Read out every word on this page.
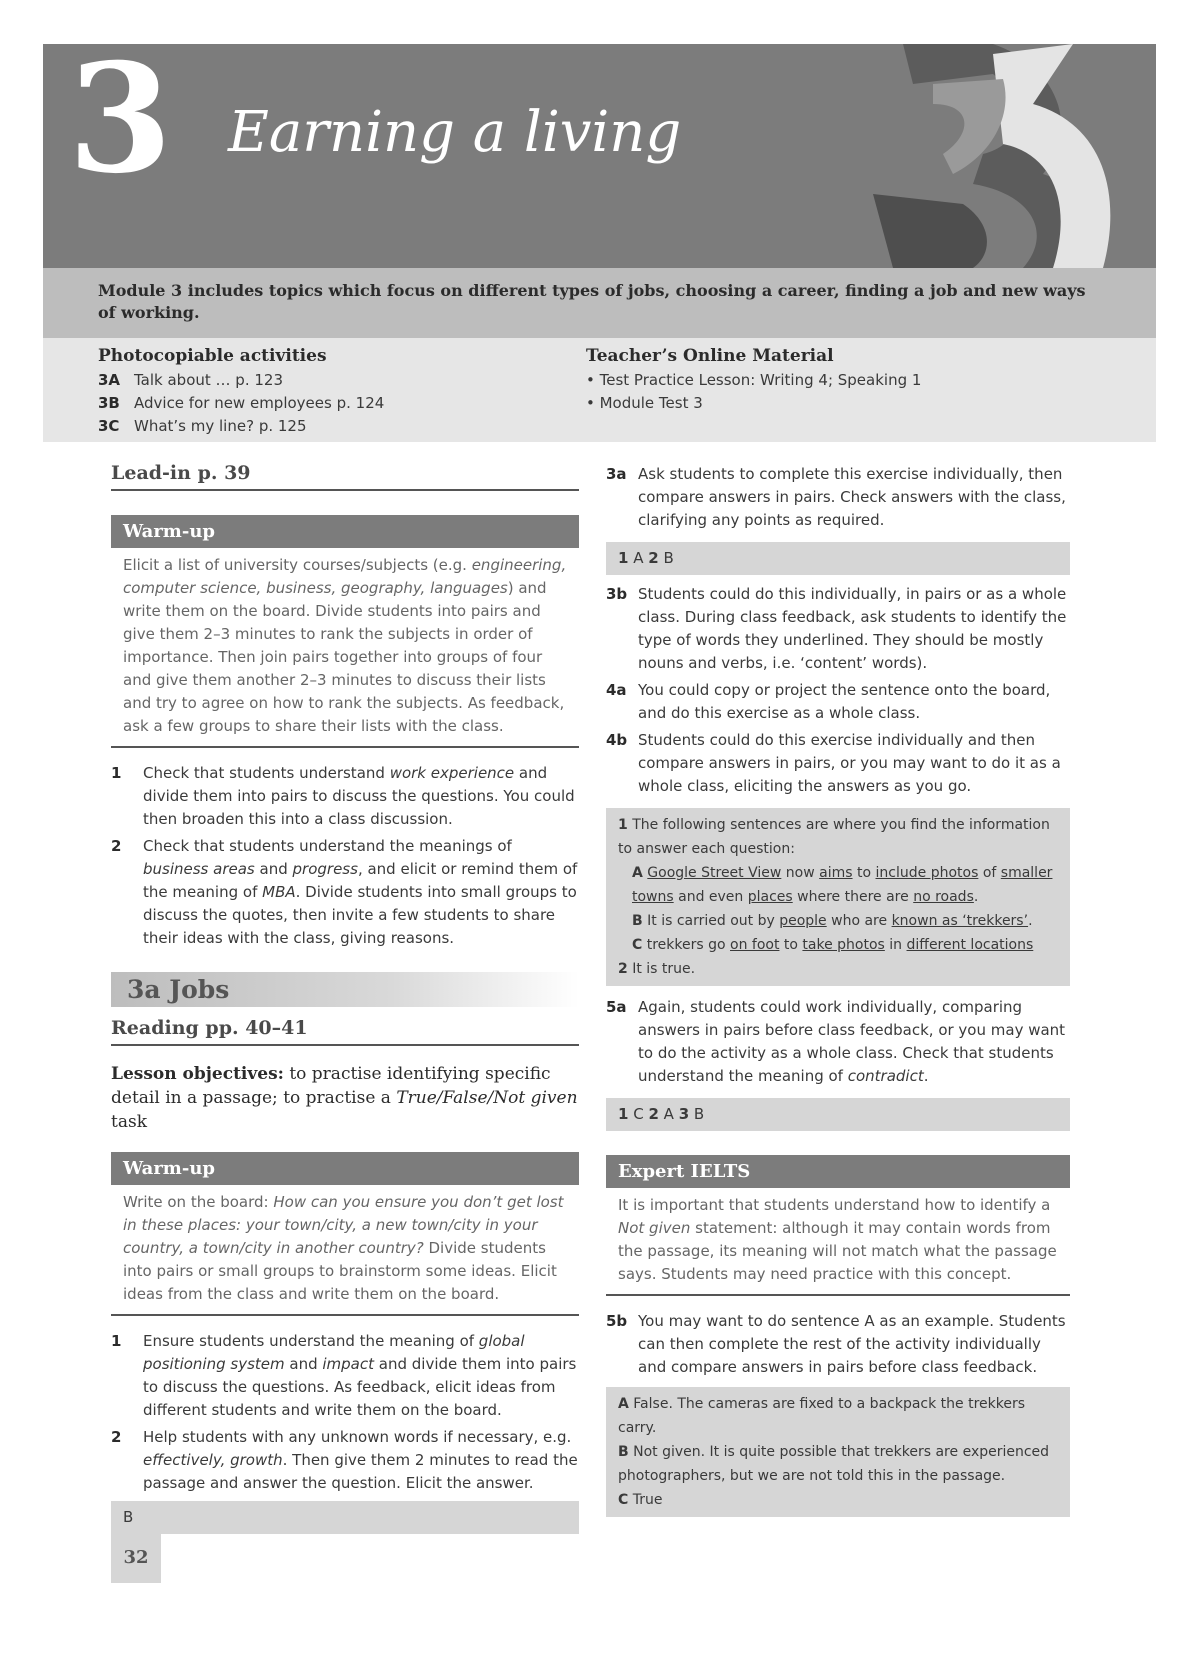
3 Earning a living

Module 3 includes topics which focus on different types of jobs, choosing a career, finding a job and new ways of working.

Photocopiable activities
3A Talk about … p. 123
3B Advice for new employees p. 124
3C What’s my line? p. 125
Teacher’s Online Material
• Test Practice Lesson: Writing 4; Speaking 1
• Module Test 3
Lead-in p. 39
Warm-up
Elicit a list of university courses/subjects (e.g. engineering, computer science, business, geography, languages) and write them on the board. Divide students into pairs and give them 2–3 minutes to rank the subjects in order of importance. Then join pairs together into groups of four and give them another 2–3 minutes to discuss their lists and try to agree on how to rank the subjects. As feedback, ask a few groups to share their lists with the class.
1	Check that students understand work experience and divide them into pairs to discuss the questions. You could then broaden this into a class discussion.
2	Check that students understand the meanings of business areas and progress, and elicit or remind them of the meaning of MBA. Divide students into small groups to discuss the quotes, then invite a few students to share their ideas with the class, giving reasons.
3a Jobs
Reading pp. 40–41
Lesson objectives: to practise identifying specific detail in a passage; to practise a True/False/Not given task
Warm-up
Write on the board: How can you ensure you don’t get lost in these places: your town/city, a new town/city in your country, a town/city in another country? Divide students into pairs or small groups to brainstorm some ideas. Elicit ideas from the class and write them on the board.
1	Ensure students understand the meaning of global positioning system and impact and divide them into pairs to discuss the questions. As feedback, elicit ideas from different students and write them on the board.
2	Help students with any unknown words if necessary, e.g. effectively, growth. Then give them 2 minutes to read the passage and answer the question. Elicit the answer.
B
3a Ask students to complete this exercise individually, then compare answers in pairs. Check answers with the class, clarifying any points as required.
1 A 2 B
3b Students could do this individually, in pairs or as a whole class. During class feedback, ask students to identify the type of words they underlined. They should be mostly nouns and verbs, i.e. ‘content’ words).
4a You could copy or project the sentence onto the board, and do this exercise as a whole class.
4b Students could do this exercise individually and then compare answers in pairs, or you may want to do it as a whole class, eliciting the answers as you go.
1 The following sentences are where you find the information to answer each question:
A Google Street View now aims to include photos of smaller towns and even places where there are no roads.
B It is carried out by people who are known as ‘trekkers’.
C trekkers go on foot to take photos in different locations
2 It is true.
5a Again, students could work individually, comparing answers in pairs before class feedback, or you may want to do the activity as a whole class. Check that students understand the meaning of contradict.
1 C 2 A 3 B
Expert IELTS
It is important that students understand how to identify a Not given statement: although it may contain words from the passage, its meaning will not match what the passage says. Students may need practice with this concept.
5b You may want to do sentence A as an example. Students can then complete the rest of the activity individually and compare answers in pairs before class feedback.
A False. The cameras are fixed to a backpack the trekkers carry.
B Not given. It is quite possible that trekkers are experienced photographers, but we are not told this in the passage.
C True
32
